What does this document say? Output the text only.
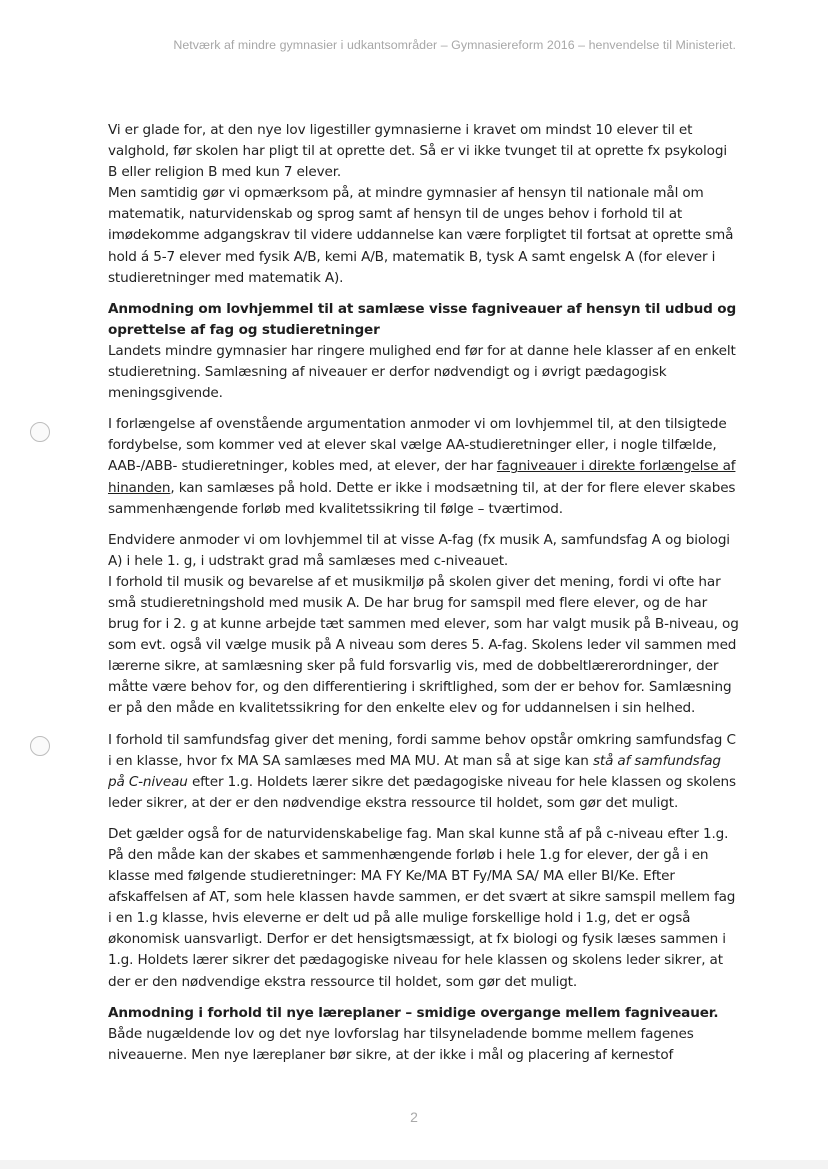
Netværk af mindre gymnasier i udkantsområder – Gymnasiereform 2016 – henvendelse til Ministeriet.

Vi er glade for, at den nye lov ligestiller gymnasierne i kravet om mindst 10 elever til et valghold, før skolen har pligt til at oprette det. Så er vi ikke tvunget til at oprette fx psykologi B eller religion B med kun 7 elever.

Men samtidig gør vi opmærksom på, at mindre gymnasier af hensyn til nationale mål om matematik, naturvidenskab og sprog samt af hensyn til de unges behov i forhold til at imødekomme adgangskrav til videre uddannelse kan være forpligtet til fortsat at oprette små hold á 5-7 elever med fysik A/B, kemi A/B, matematik B, tysk A samt engelsk A (for elever i studieretninger med matematik A).

Anmodning om lovhjemmel til at samlæse visse fagniveauer af hensyn til udbud og oprettelse af fag og studieretninger

Landets mindre gymnasier har ringere mulighed end før for at danne hele klasser af en enkelt studieretning. Samlæsning af niveauer er derfor nødvendigt og i øvrigt pædagogisk meningsgivende.

I forlængelse af ovenstående argumentation anmoder vi om lovhjemmel til, at den tilsigtede fordybelse, som kommer ved at elever skal vælge AA-studieretninger eller, i nogle tilfælde, AAB-/ABB- studieretninger, kobles med, at elever, der har fagniveauer i direkte forlængelse af hinanden, kan samlæses på hold. Dette er ikke i modsætning til, at der for flere elever skabes sammenhængende forløb med kvalitetssikring til følge – tværtimod.

Endvidere anmoder vi om lovhjemmel til at visse A-fag (fx musik A, samfundsfag A og biologi A) i hele 1. g, i udstrakt grad må samlæses med c-niveauet.

I forhold til musik og bevarelse af et musikmiljø på skolen giver det mening, fordi vi ofte har små studieretningshold med musik A. De har brug for samspil med flere elever, og de har brug for i 2. g at kunne arbejde tæt sammen med elever, som har valgt musik på B-niveau, og som evt. også vil vælge musik på A niveau som deres 5. A-fag. Skolens leder vil sammen med lærerne sikre, at samlæsning sker på fuld forsvarlig vis, med de dobbeltlærerordninger, der måtte være behov for, og den differentiering i skriftlighed, som der er behov for. Samlæsning er på den måde en kvalitetssikring for den enkelte elev og for uddannelsen i sin helhed.

I forhold til samfundsfag giver det mening, fordi samme behov opstår omkring samfundsfag C i en klasse, hvor fx MA SA samlæses med MA MU. At man så at sige kan stå af samfundsfag på C-niveau efter 1.g. Holdets lærer sikre det pædagogiske niveau for hele klassen og skolens leder sikrer, at der er den nødvendige ekstra ressource til holdet, som gør det muligt.

Det gælder også for de naturvidenskabelige fag. Man skal kunne stå af på c-niveau efter 1.g. På den måde kan der skabes et sammenhængende forløb i hele 1.g for elever, der gå i en klasse med følgende studieretninger: MA FY Ke/MA BT Fy/MA SA/ MA eller BI/Ke. Efter afskaffelsen af AT, som hele klassen havde sammen, er det svært at sikre samspil mellem fag i en 1.g klasse, hvis eleverne er delt ud på alle mulige forskellige hold i 1.g, det er også økonomisk uansvarligt. Derfor er det hensigtsmæssigt, at fx biologi og fysik læses sammen i 1.g. Holdets lærer sikrer det pædagogiske niveau for hele klassen og skolens leder sikrer, at der er den nødvendige ekstra ressource til holdet, som gør det muligt.

Anmodning i forhold til nye læreplaner – smidige overgange mellem fagniveauer.

Både nugældende lov og det nye lovforslag har tilsyneladende bomme mellem fagenes niveauerne. Men nye læreplaner bør sikre, at der ikke i mål og placering af kernestof

2
